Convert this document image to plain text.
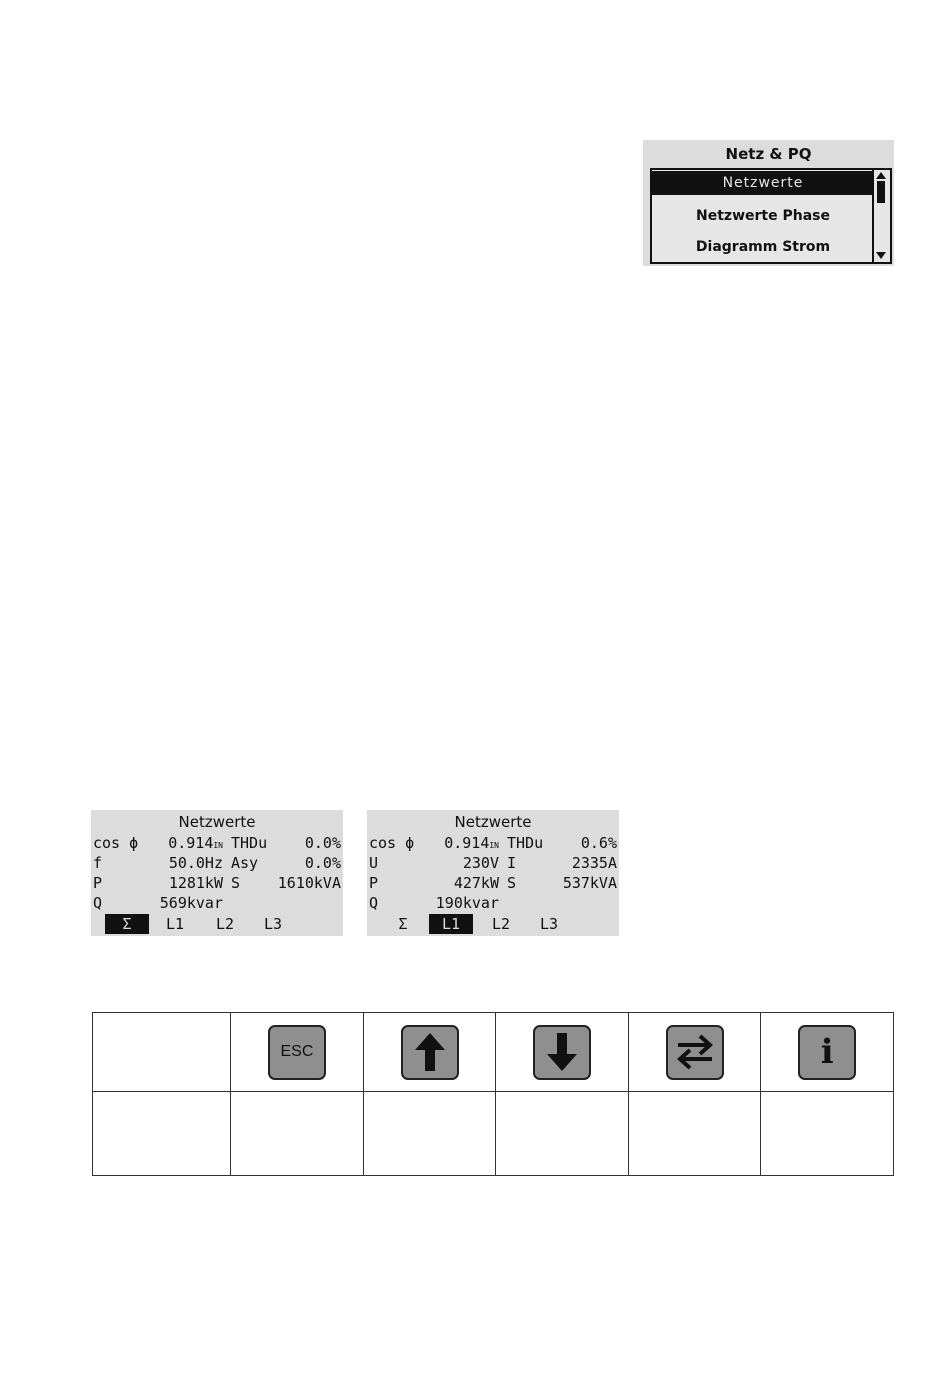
Netz & PQ
Netzwerte
Netzwerte Phase
Diagramm Strom
Netzwerte
cos ϕ	0.914IN THDu	0.0%
f	50.0Hz Asy	0.0%
P	1281kW S	1610kVA
Q	569kvar
Σ	L1	L2	L3
Netzwerte
cos ϕ	0.914IN THDu	0.6%
U	230V I	2335A
P	427kW S	537kVA
Q	190kvar
Σ	L1	L2	L3

	ESC				i
